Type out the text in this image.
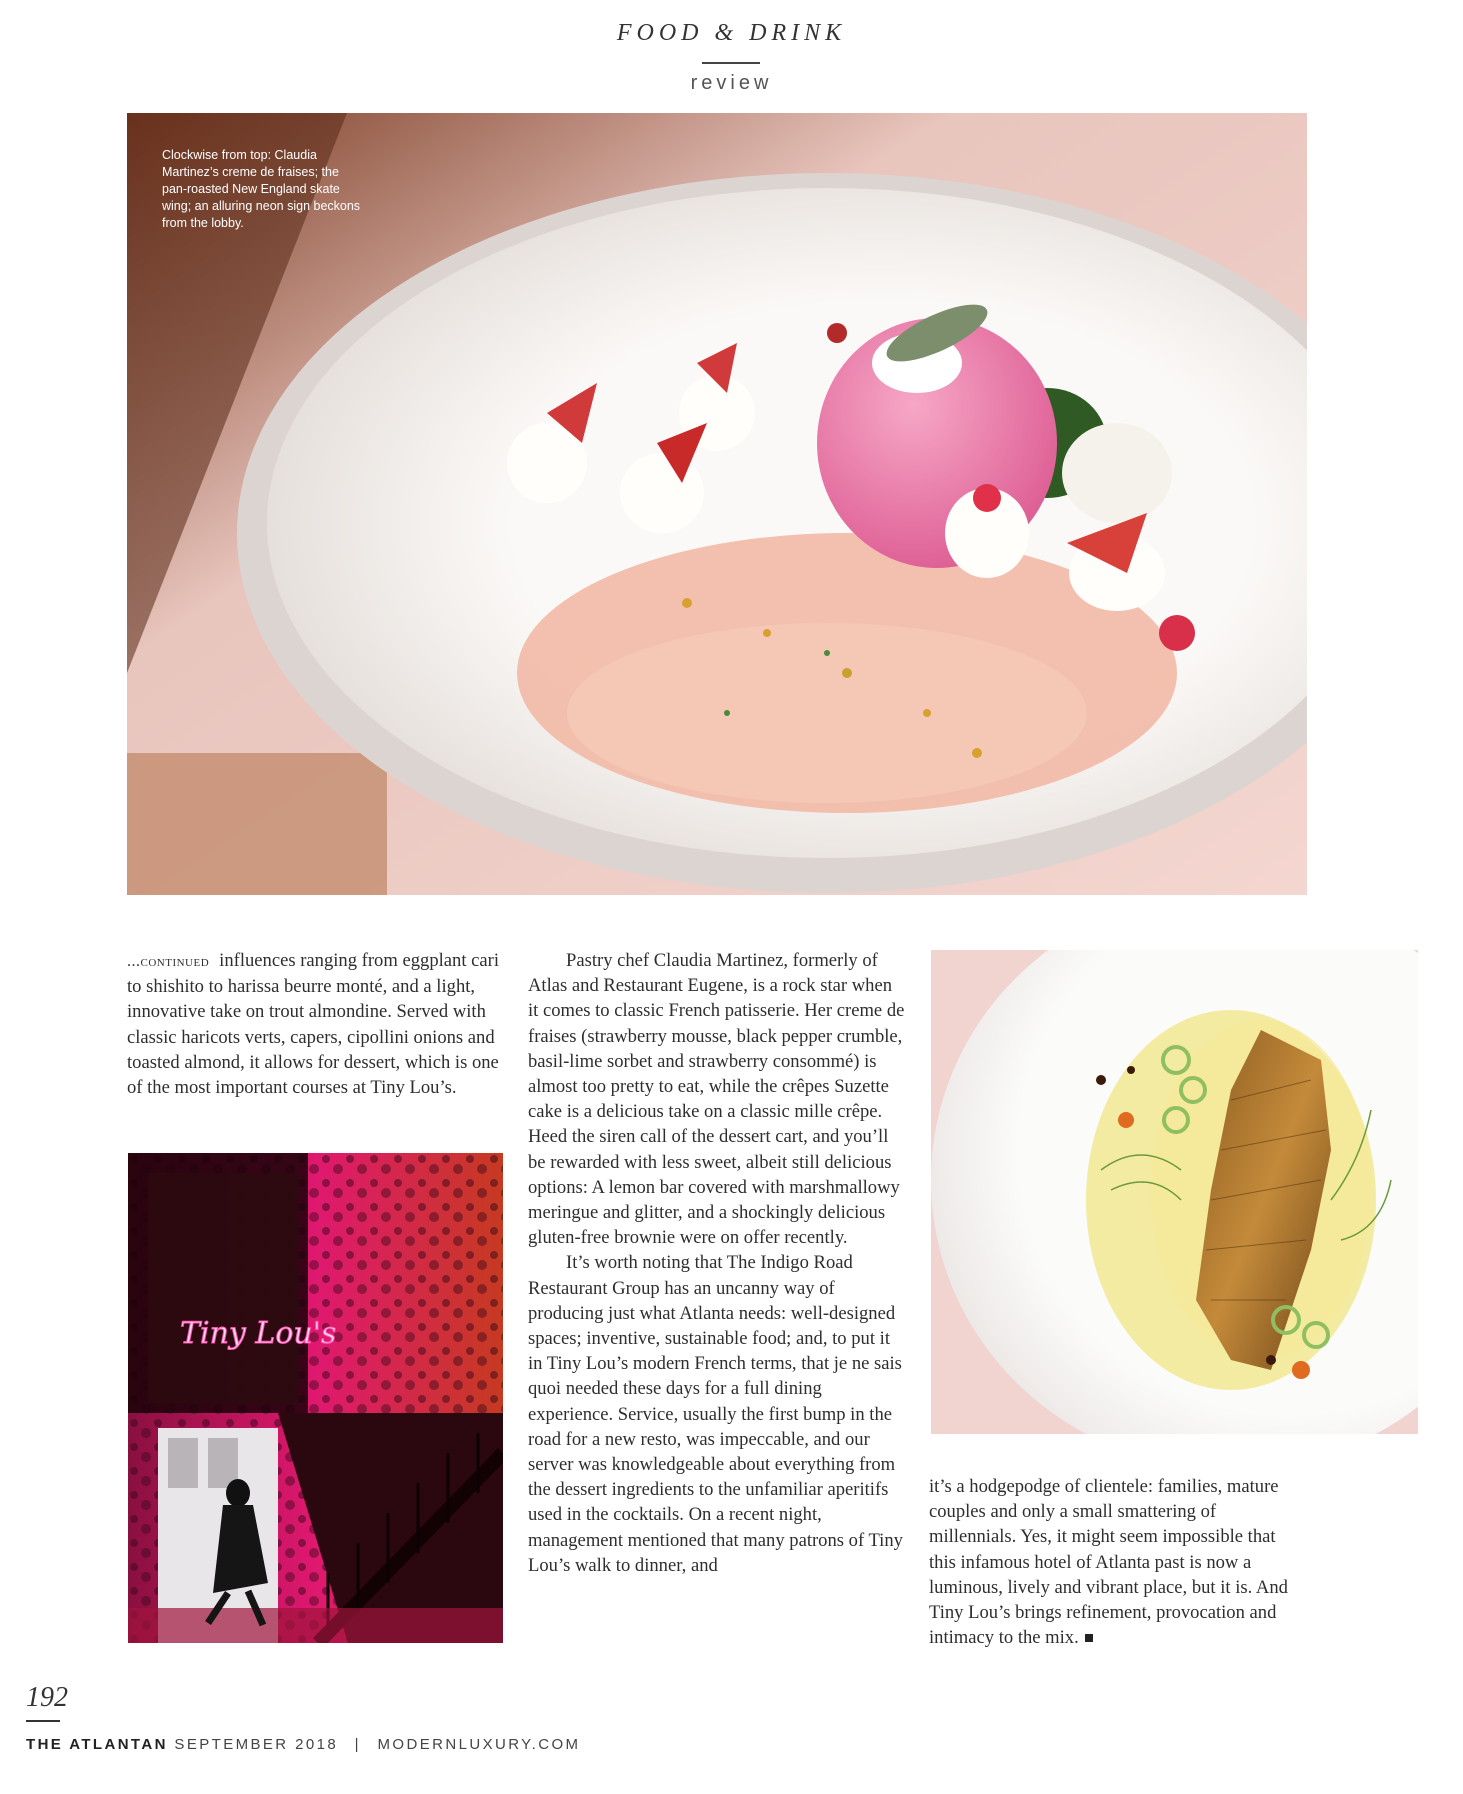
FOOD & DRINK
review
Clockwise from top: Claudia Martinez’s creme de fraises; the pan-roasted New England skate wing; an alluring neon sign beckons from the lobby.

...continued influences ranging from eggplant cari to shishito to harissa beurre monté, and a light, innovative take on trout almondine. Served with classic haricots verts, capers, cipollini onions and toasted almond, it allows for dessert, which is one of the most important courses at Tiny Lou’s.

Tiny Lou's

Pastry chef Claudia Martinez, formerly of Atlas and Restaurant Eugene, is a rock star when it comes to classic French patisserie. Her creme de fraises (strawberry mousse, black pepper crumble, basil-lime sorbet and strawberry consommé) is almost too pretty to eat, while the crêpes Suzette cake is a delicious take on a classic mille crêpe. Heed the siren call of the dessert cart, and you’ll be rewarded with less sweet, albeit still delicious options: A lemon bar covered with marshmallowy meringue and glitter, and a shockingly delicious gluten-free brownie were on offer recently.

It’s worth noting that The Indigo Road Restaurant Group has an uncanny way of producing just what Atlanta needs: well-designed spaces; inventive, sustainable food; and, to put it in Tiny Lou’s modern French terms, that je ne sais quoi needed these days for a full dining experience. Service, usually the first bump in the road for a new resto, was impeccable, and our server was knowledgeable about everything from the dessert ingredients to the unfamiliar aperitifs used in the cocktails. On a recent night, management mentioned that many patrons of Tiny Lou’s walk to dinner, and

it’s a hodgepodge of clientele: families, mature couples and only a small smattering of millennials. Yes, it might seem impossible that this infamous hotel of Atlanta past is now a luminous, lively and vibrant place, but it is. And Tiny Lou’s brings refinement, provocation and intimacy to the mix.

192
THE ATLANTAN SEPTEMBER 2018 | MODERNLUXURY.COM
